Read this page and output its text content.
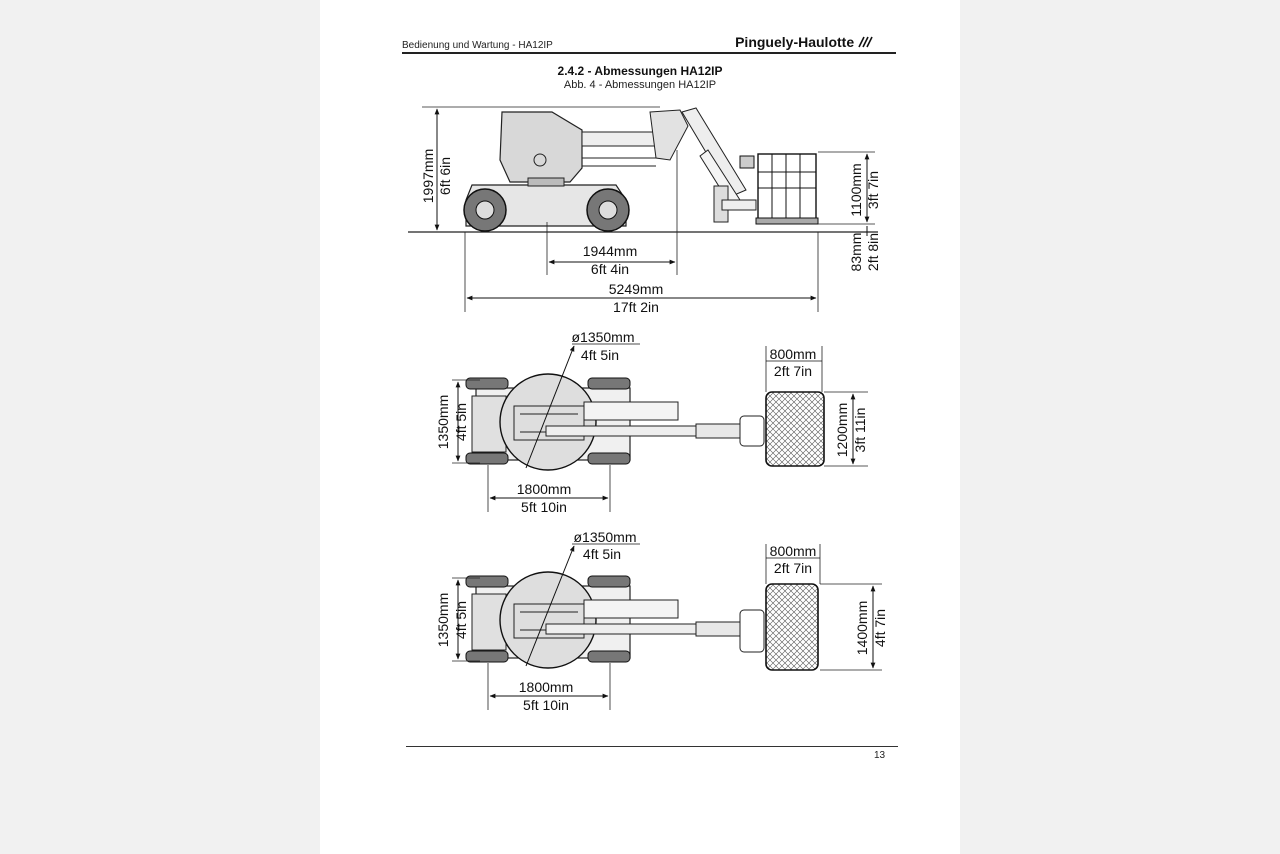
Bedienung und Wartung - HA12IP	Pinguely-Haulotte
2.4.2 - Abmessungen HA12IP
Abb. 4 - Abmessungen HA12IP
1997mm 6ft 6in
1944mm
6ft 4in
5249mm
17ft 2in
1100mm 3ft 7in
83mm 2ft 8in
ø1350mm
4ft 5in	800mm
2ft 7in
1350mm 4ft 5in	1200mm 3ft 11in
1800mm
5ft 10in
ø1350mm
4ft 5in	800mm
2ft 7in
1350mm 4ft 5in	1400mm 4ft 7in
1800mm
5ft 10in
13
